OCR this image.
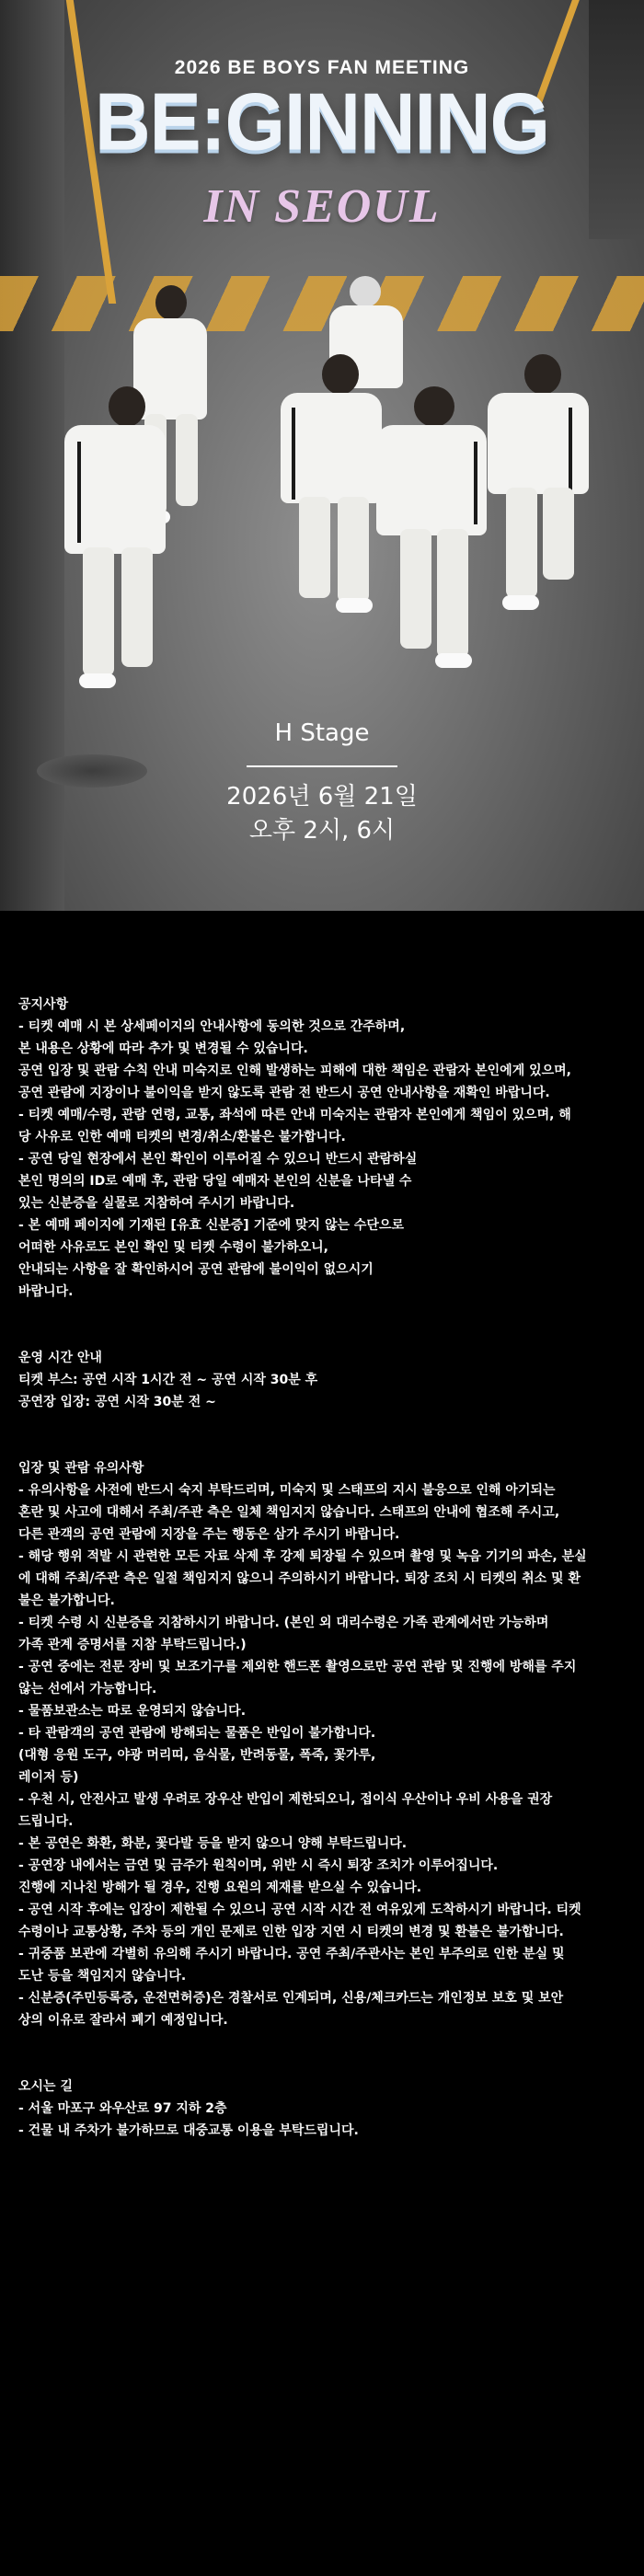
2026 BE BOYS FAN MEETING
BE:GINNING
IN SEOUL
H Stage
2026년 6월 21일
오후 2시, 6시

공지사항
- 티켓 예매 시 본 상세페이지의 안내사항에 동의한 것으로 간주하며,
본 내용은 상황에 따라 추가 및 변경될 수 있습니다.
공연 입장 및 관람 수칙 안내 미숙지로 인해 발생하는 피해에 대한 책임은 관람자 본인에게 있으며,
공연 관람에 지장이나 불이익을 받지 않도록 관람 전 반드시 공연 안내사항을 재확인 바랍니다.
- 티켓 예매/수령, 관람 연령, 교통, 좌석에 따른 안내 미숙지는 관람자 본인에게 책임이 있으며, 해
당 사유로 인한 예매 티켓의 변경/취소/환불은 불가합니다.
- 공연 당일 현장에서 본인 확인이 이루어질 수 있으니 반드시 관람하실
본인 명의의 ID로 예매 후, 관람 당일 예매자 본인의 신분을 나타낼 수
있는 신분증을 실물로 지참하여 주시기 바랍니다.
- 본 예매 페이지에 기재된 [유효 신분증] 기준에 맞지 않는 수단으로
어떠한 사유로도 본인 확인 및 티켓 수령이 불가하오니,
안내되는 사항을 잘 확인하시어 공연 관람에 불이익이 없으시기
바랍니다.

운영 시간 안내
티켓 부스: 공연 시작 1시간 전 ~ 공연 시작 30분 후
공연장 입장: 공연 시작 30분 전 ~

입장 및 관람 유의사항
- 유의사항을 사전에 반드시 숙지 부탁드리며, 미숙지 및 스태프의 지시 불응으로 인해 아기되는
혼란 및 사고에 대해서 주최/주관 측은 일체 책임지지 않습니다. 스태프의 안내에 협조해 주시고,
다른 관객의 공연 관람에 지장을 주는 행동은 삼가 주시기 바랍니다.
- 해당 행위 적발 시 관련한 모든 자료 삭제 후 강제 퇴장될 수 있으며 촬영 및 녹음 기기의 파손, 분실
에 대해 주최/주관 측은 일절 책임지지 않으니 주의하시기 바랍니다. 퇴장 조치 시 티켓의 취소 및 환
불은 불가합니다.
- 티켓 수령 시 신분증을 지참하시기 바랍니다. (본인 외 대리수령은 가족 관계에서만 가능하며
가족 관계 증명서를 지참 부탁드립니다.)
- 공연 중에는 전문 장비 및 보조기구를 제외한 핸드폰 촬영으로만 공연 관람 및 진행에 방해를 주지
않는 선에서 가능합니다.
- 물품보관소는 따로 운영되지 않습니다.
- 타 관람객의 공연 관람에 방해되는 물품은 반입이 불가합니다.
(대형 응원 도구, 야광 머리띠, 음식물, 반려동물, 폭죽, 꽃가루,
레이저 등)
- 우천 시, 안전사고 발생 우려로 장우산 반입이 제한되오니, 접이식 우산이나 우비 사용을 권장
드립니다.
- 본 공연은 화환, 화분, 꽃다발 등을 받지 않으니 양해 부탁드립니다.
- 공연장 내에서는 금연 및 금주가 원칙이며, 위반 시 즉시 퇴장 조치가 이루어집니다.
진행에 지나친 방해가 될 경우, 진행 요원의 제재를 받으실 수 있습니다.
- 공연 시작 후에는 입장이 제한될 수 있으니 공연 시작 시간 전 여유있게 도착하시기 바랍니다. 티켓
수령이나 교통상황, 주차 등의 개인 문제로 인한 입장 지연 시 티켓의 변경 및 환불은 불가합니다.
- 귀중품 보관에 각별히 유의해 주시기 바랍니다. 공연 주최/주관사는 본인 부주의로 인한 분실 및
도난 등을 책임지지 않습니다.
- 신분증(주민등록증, 운전면허증)은 경찰서로 인계되며, 신용/체크카드는 개인정보 보호 및 보안
상의 이유로 잘라서 폐기 예정입니다.

오시는 길
- 서울 마포구 와우산로 97 지하 2층
- 건물 내 주차가 불가하므로 대중교통 이용을 부탁드립니다.
